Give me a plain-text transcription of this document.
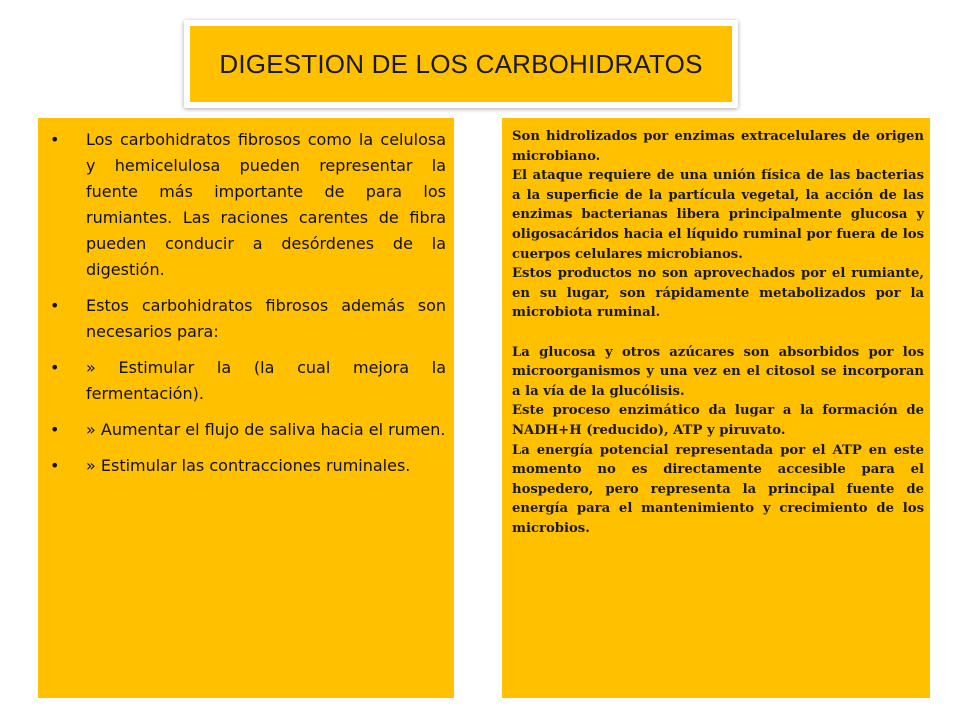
DIGESTION DE LOS CARBOHIDRATOS
• Los carbohidratos fibrosos como la celulosa y hemicelulosa pueden representar la fuente más importante de para los rumiantes. Las raciones carentes de fibra pueden conducir a desórdenes de la digestión.
• Estos carbohidratos fibrosos además son necesarios para:
• » Estimular la (la cual mejora la fermentación).
• » Aumentar el flujo de saliva hacia el rumen.
• » Estimular las contracciones ruminales.

Son hidrolizados por enzimas extracelulares de origen microbiano.

El ataque requiere de una unión física de las bacterias a la superficie de la partícula vegetal, la acción de las enzimas bacterianas libera principalmente glucosa y oligosacáridos hacia el líquido ruminal por fuera de los cuerpos celulares microbianos.

Estos productos no son aprovechados por el rumiante, en su lugar, son rápidamente metabolizados por la microbiota ruminal.

La glucosa y otros azúcares son absorbidos por los microorganismos y una vez en el citosol se incorporan a la vía de la glucólisis.

Este proceso enzimático da lugar a la formación de NADH+H (reducido), ATP y piruvato.

La energía potencial representada por el ATP en este momento no es directamente accesible para el hospedero, pero representa la principal fuente de energía para el mantenimiento y crecimiento de los microbios.
